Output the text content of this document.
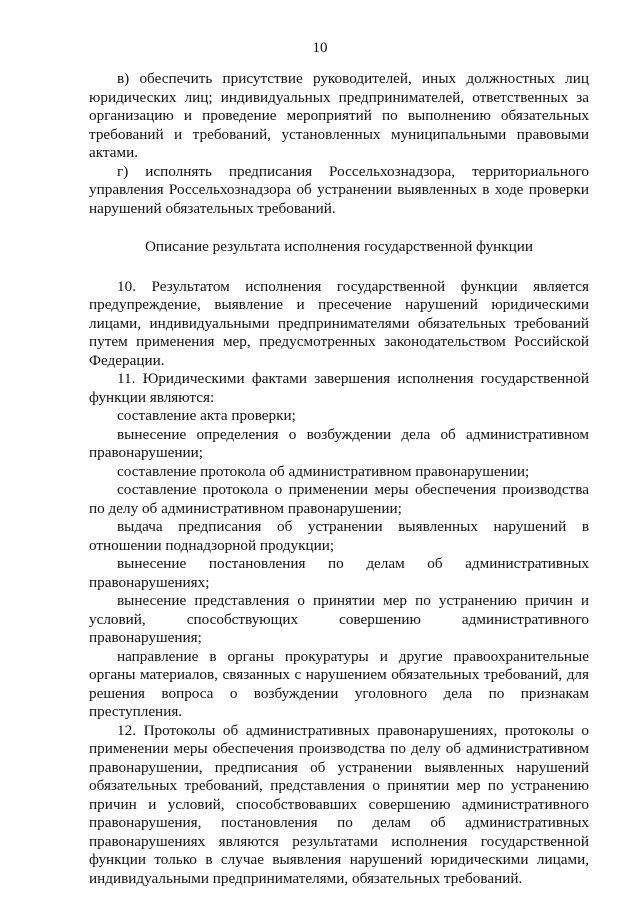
10

в) обеспечить присутствие руководителей, иных должностных лиц юридических лиц; индивидуальных предпринимателей, ответственных за организацию и проведение мероприятий по выполнению обязательных требований и требований, установленных муниципальными правовыми актами.

г) исполнять предписания Россельхознадзора, территориального управления Россельхознадзора об устранении выявленных в ходе проверки нарушений обязательных требований.

Описание результата исполнения государственной функции

10. Результатом исполнения государственной функции является предупреждение, выявление и пресечение нарушений юридическими лицами, индивидуальными предпринимателями обязательных требований путем применения мер, предусмотренных законодательством Российской Федерации.

11. Юридическими фактами завершения исполнения государственной функции являются:

составление акта проверки;

вынесение определения о возбуждении дела об административном правонарушении;

составление протокола об административном правонарушении;

составление протокола о применении меры обеспечения производства по делу об административном правонарушении;

выдача предписания об устранении выявленных нарушений в отношении поднадзорной продукции;

вынесение постановления по делам об административных правонарушениях;

вынесение представления о принятии мер по устранению причин и условий, способствующих совершению административного правонарушения;

направление в органы прокуратуры и другие правоохранительные органы материалов, связанных с нарушением обязательных требований, для решения вопроса о возбуждении уголовного дела по признакам преступления.

12. Протоколы об административных правонарушениях, протоколы о применении меры обеспечения производства по делу об административном правонарушении, предписания об устранении выявленных нарушений обязательных требований, представления о принятии мер по устранению причин и условий, способствовавших совершению административного правонарушения, постановления по делам об административных правонарушениях являются результатами исполнения государственной функции только в случае выявления нарушений юридическими лицами, индивидуальными предпринимателями, обязательных требований.
